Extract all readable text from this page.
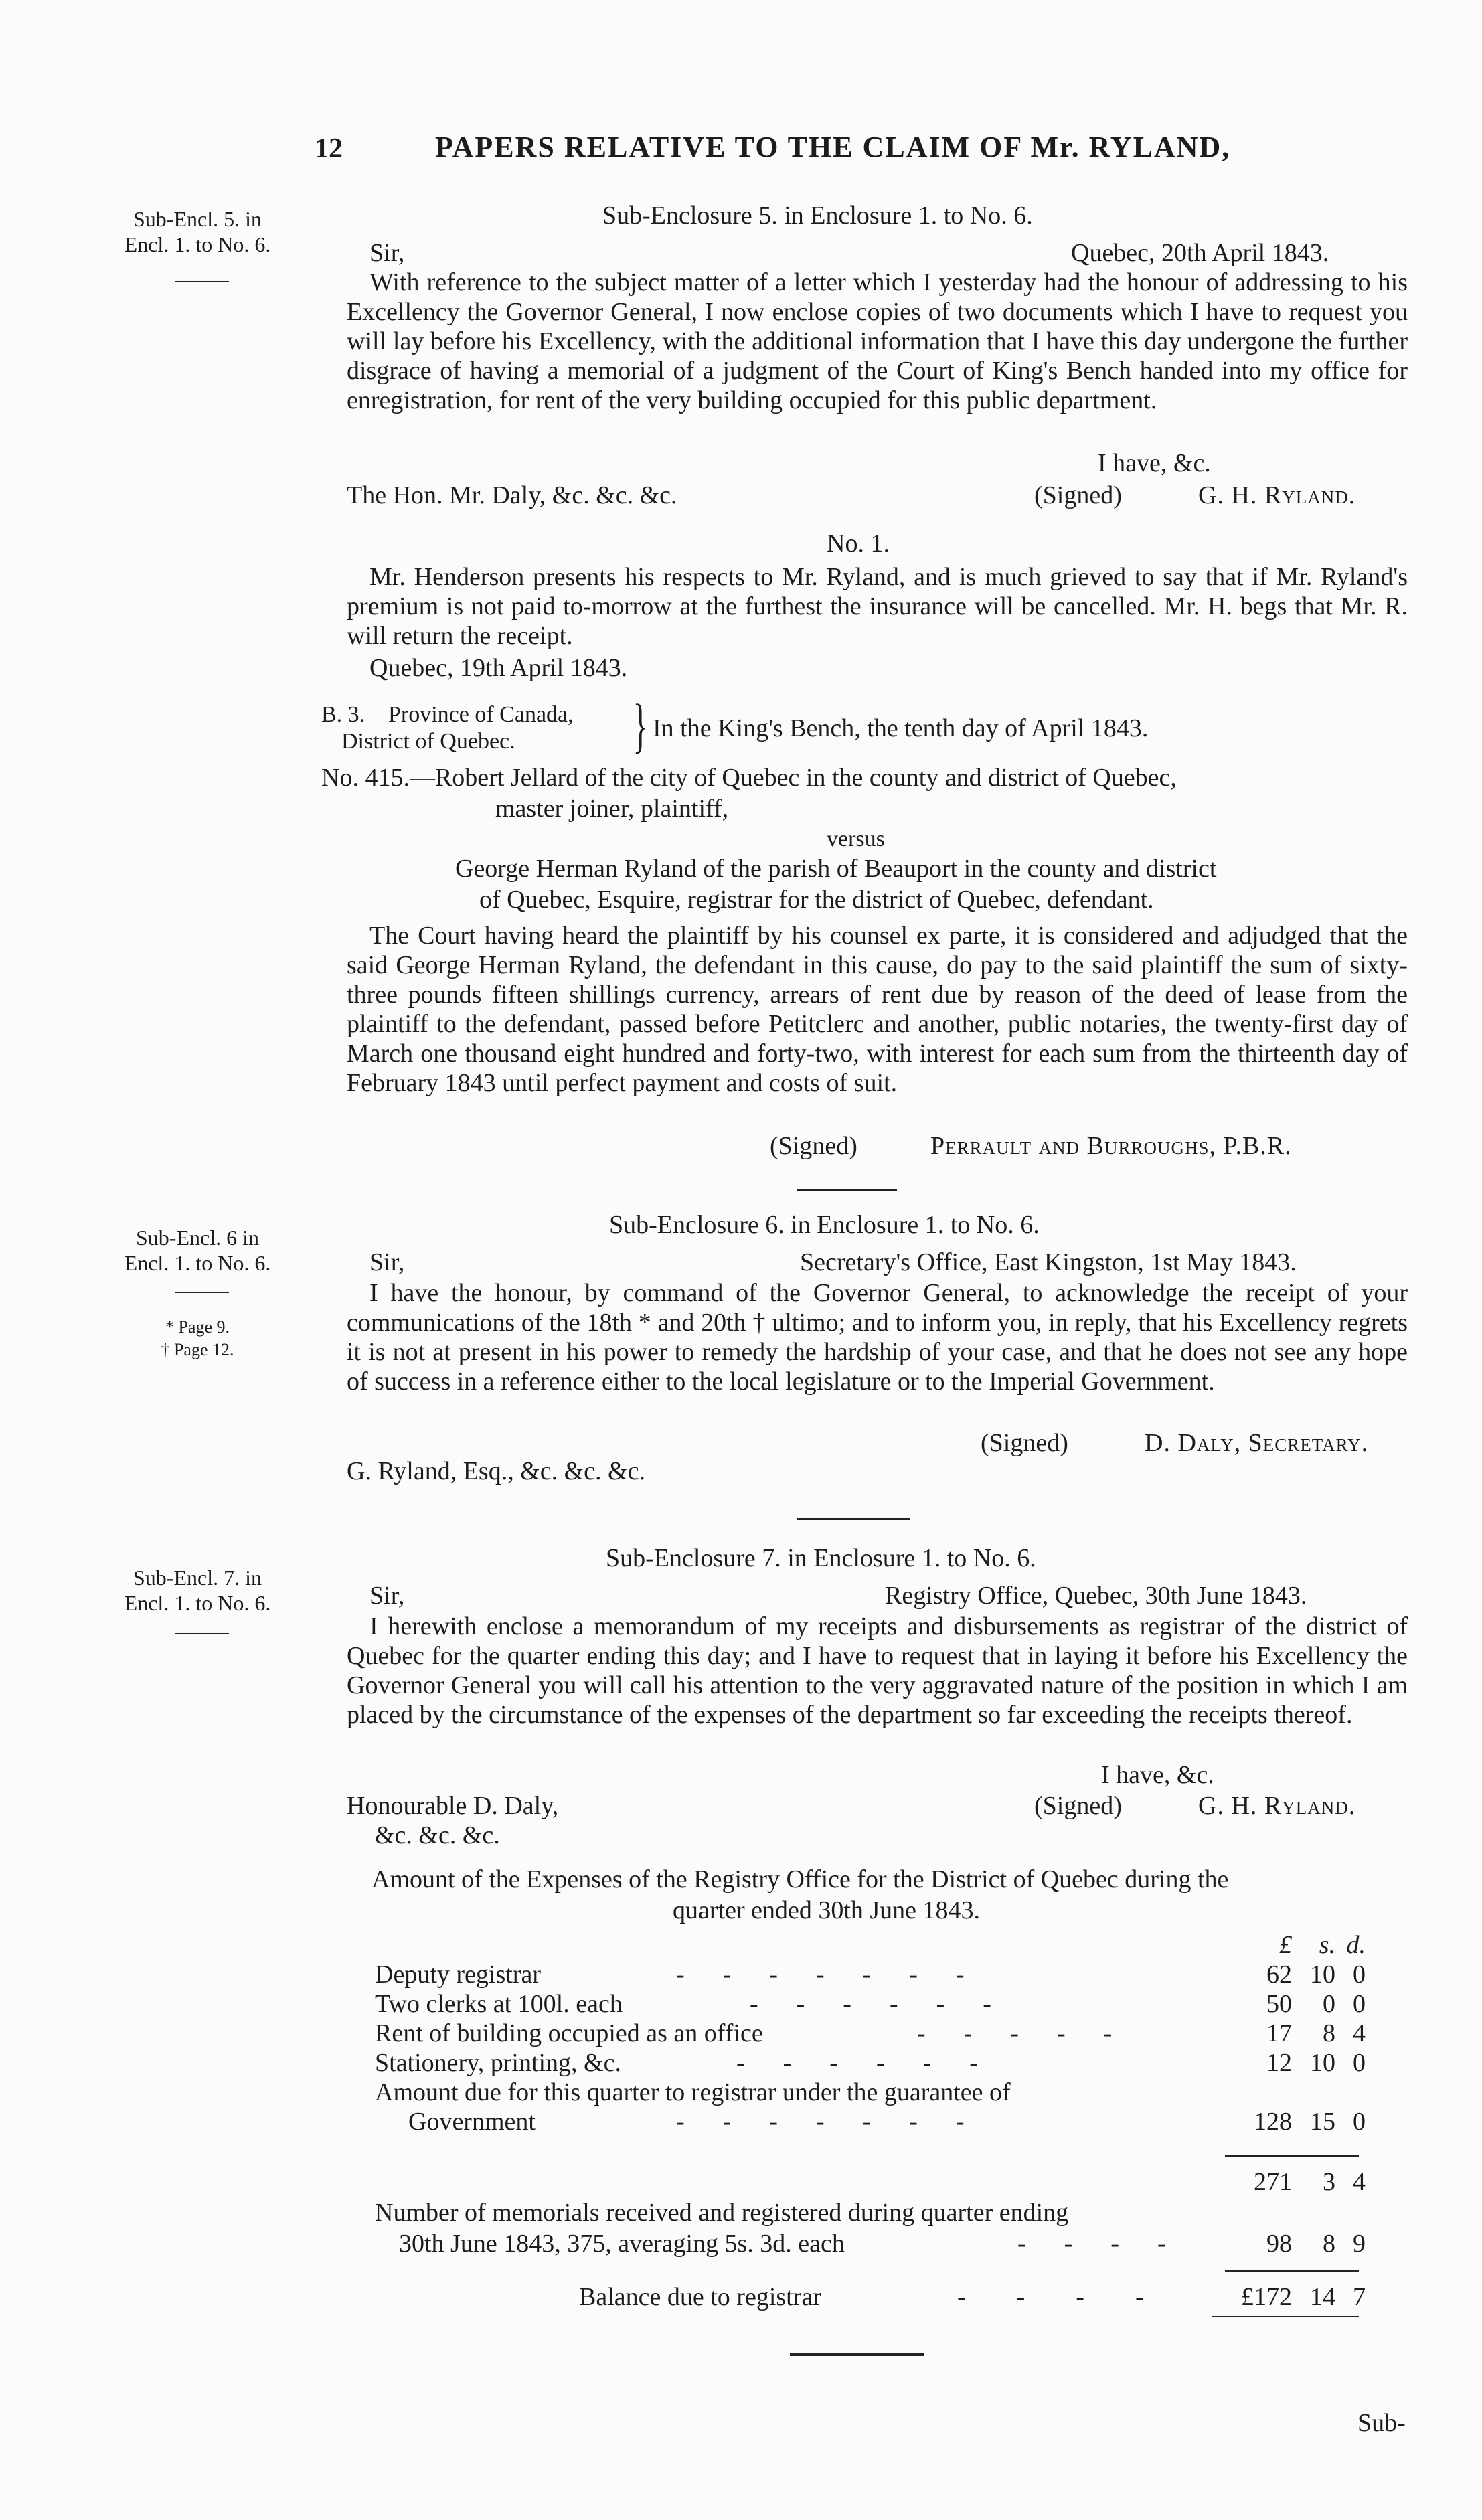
12	PAPERS RELATIVE TO THE CLAIM OF Mr. RYLAND,
Sub-Encl. 5. in
Encl. 1. to No. 6.
Sub-Enclosure 5. in Enclosure 1. to No. 6.
Sir,	Quebec, 20th April 1843.
With reference to the subject matter of a letter which I yesterday had the honour of addressing to his Excellency the Governor General, I now enclose copies of two documents which I have to request you will lay before his Excellency, with the additional information that I have this day undergone the further disgrace of having a memorial of a judgment of the Court of King's Bench handed into my office for enregistration, for rent of the very building occupied for this public department.
I have, &c.
The Hon. Mr. Daly, &c. &c. &c.	(Signed)	G. H. Ryland.
No. 1.
Mr. Henderson presents his respects to Mr. Ryland, and is much grieved to say that if Mr. Ryland's premium is not paid to-morrow at the furthest the insurance will be cancelled. Mr. H. begs that Mr. R. will return the receipt.
Quebec, 19th April 1843.
B. 3. Province of Canada,
District of Quebec. } In the King's Bench, the tenth day of April 1843.
No. 415.—Robert Jellard of the city of Quebec in the county and district of Quebec,
master joiner, plaintiff,
versus
George Herman Ryland of the parish of Beauport in the county and district
of Quebec, Esquire, registrar for the district of Quebec, defendant.
The Court having heard the plaintiff by his counsel ex parte, it is considered and adjudged that the said George Herman Ryland, the defendant in this cause, do pay to the said plaintiff the sum of sixty-three pounds fifteen shillings currency, arrears of rent due by reason of the deed of lease from the plaintiff to the defendant, passed before Petitclerc and another, public notaries, the twenty-first day of March one thousand eight hundred and forty-two, with interest for each sum from the thirteenth day of February 1843 until perfect payment and costs of suit.
(Signed)	Perrault and Burroughs, P.B.R.
Sub-Encl. 6 in
Encl. 1. to No. 6.
* Page 9.
† Page 12.
Sub-Enclosure 6. in Enclosure 1. to No. 6.
Sir,	Secretary's Office, East Kingston, 1st May 1843.
I have the honour, by command of the Governor General, to acknowledge the receipt of your communications of the 18th * and 20th † ultimo; and to inform you, in reply, that his Excellency regrets it is not at present in his power to remedy the hardship of your case, and that he does not see any hope of success in a reference either to the local legislature or to the Imperial Government.
(Signed)	D. Daly, Secretary.
G. Ryland, Esq., &c. &c. &c.
Sub-Encl. 7. in
Encl. 1. to No. 6.
Sub-Enclosure 7. in Enclosure 1. to No. 6.
Sir,	Registry Office, Quebec, 30th June 1843.
I herewith enclose a memorandum of my receipts and disbursements as registrar of the district of Quebec for the quarter ending this day; and I have to request that in laying it before his Excellency the Governor General you will call his attention to the very aggravated nature of the position in which I am placed by the circumstance of the expenses of the department so far exceeding the receipts thereof.
I have, &c.
Honourable D. Daly,
&c. &c. &c.
(Signed)	G. H. Ryland.
Amount of the Expenses of the Registry Office for the District of Quebec during the
quarter ended 30th June 1843.
£	s. d.
Deputy registrar	-      -      -      -      -      -      -	62 10 0
Two clerks at 100l. each	-      -      -      -      -      -	50	0 0
Rent of building occupied as an office	-      -      -      -      -	17	8 4
Stationery, printing, &c.	-      -      -      -      -      -	12 10 0
Amount due for this quarter to registrar under the guarantee of
Government	-      -      -      -      -      -      -	128 15 0
271	3 4
Number of memorials received and registered during quarter ending
30th June 1843, 375, averaging 5s. 3d. each	-      -      -      -	98	8 9
Balance due to registrar	-        -        -        -	£172 14 7
Sub-
